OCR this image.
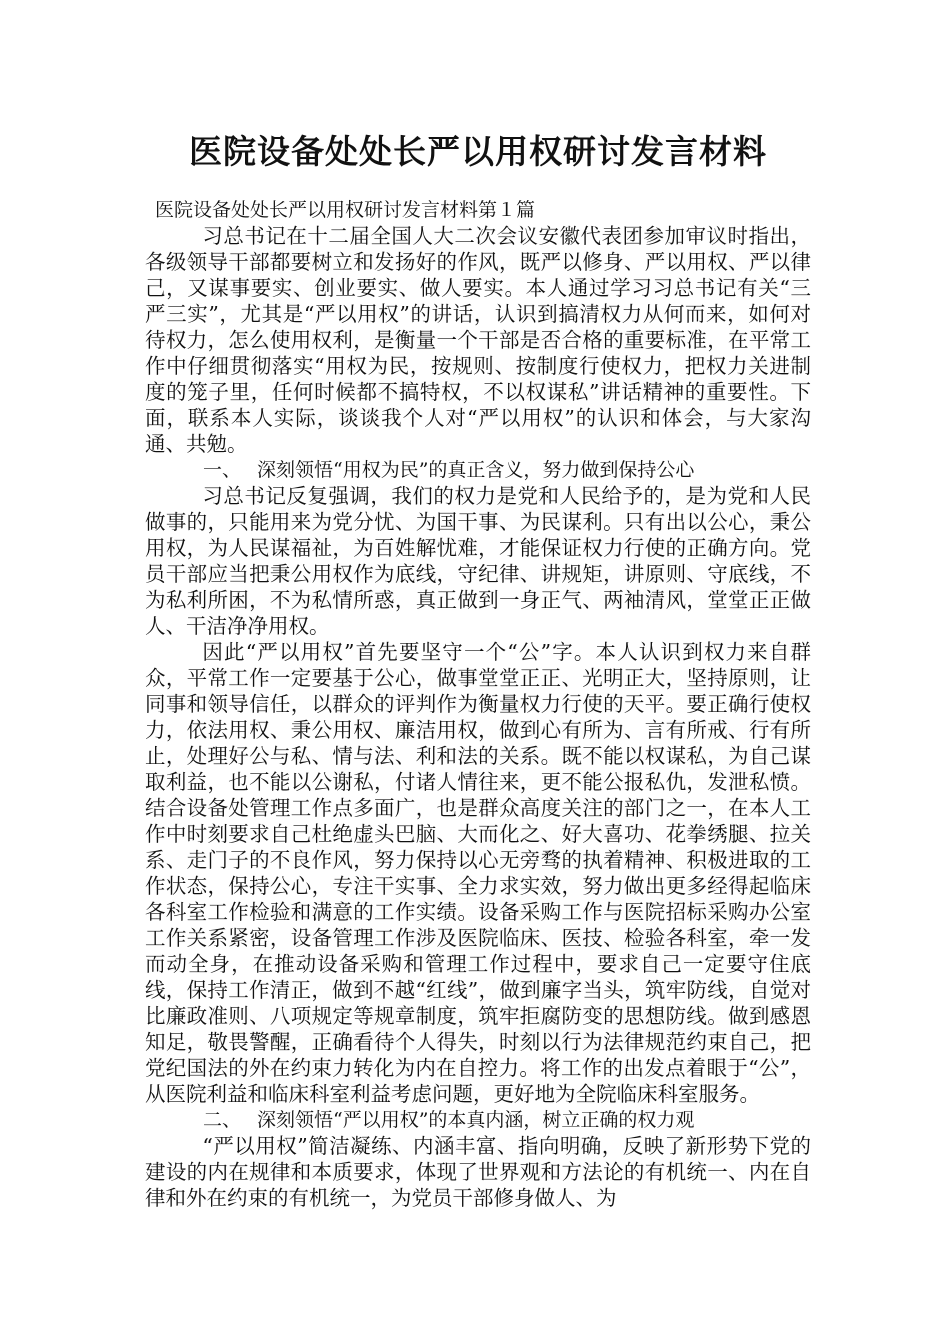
医院设备处处长严以用权研讨发言材料
医院设备处处长严以用权研讨发言材料第１篇

习总书记在十二届全国人大二次会议安徽代表团参加审议时指出，各级领导干部都要树立和发扬好的作风，既严以修身、严以用权、严以律己，又谋事要实、创业要实、做人要实。本人通过学习习总书记有关“三严三实”，尤其是“严以用权”的讲话，认识到搞清权力从何而来，如何对待权力，怎么使用权利，是衡量一个干部是否合格的重要标准，在平常工作中仔细贯彻落实“用权为民，按规则、按制度行使权力，把权力关进制度的笼子里，任何时候都不搞特权，不以权谋私”讲话精神的重要性。下面，联系本人实际，谈谈我个人对“严以用权”的认识和体会，与大家沟通、共勉。

一、 深刻领悟“用权为民”的真正含义，努力做到保持公心

习总书记反复强调，我们的权力是党和人民给予的，是为党和人民做事的，只能用来为党分忧、为国干事、为民谋利。只有出以公心，秉公用权，为人民谋福祉，为百姓解忧难，才能保证权力行使的正确方向。党员干部应当把秉公用权作为底线，守纪律、讲规矩，讲原则、守底线，不为私利所困，不为私情所惑，真正做到一身正气、两袖清风，堂堂正正做人、干洁净净用权。

因此“严以用权”首先要坚守一个“公”字。本人认识到权力来自群众，平常工作一定要基于公心，做事堂堂正正、光明正大，坚持原则，让同事和领导信任，以群众的评判作为衡量权力行使的天平。要正确行使权力，依法用权、秉公用权、廉洁用权，做到心有所为、言有所戒、行有所止，处理好公与私、情与法、利和法的关系。既不能以权谋私，为自己谋取利益，也不能以公谢私，付诸人情往来，更不能公报私仇，发泄私愤。结合设备处管理工作点多面广，也是群众高度关注的部门之一，在本人工作中时刻要求自己杜绝虚头巴脑、大而化之、好大喜功、花拳绣腿、拉关系、走门子的不良作风，努力保持以心无旁骛的执着精神、积极进取的工作状态，保持公心，专注干实事、全力求实效，努力做出更多经得起临床各科室工作检验和满意的工作实绩。设备采购工作与医院招标采购办公室工作关系紧密，设备管理工作涉及医院临床、医技、检验各科室，牵一发而动全身，在推动设备采购和管理工作过程中，要求自己一定要守住底线，保持工作清正，做到不越“红线”，做到廉字当头，筑牢防线，自觉对比廉政准则、八项规定等规章制度，筑牢拒腐防变的思想防线。做到感恩知足，敬畏警醒，正确看待个人得失，时刻以行为法律规范约束自己，把党纪国法的外在约束力转化为内在自控力。将工作的出发点着眼于“公”，从医院利益和临床科室利益考虑问题，更好地为全院临床科室服务。

二、 深刻领悟“严以用权”的本真内涵，树立正确的权力观

“严以用权”简洁凝练、内涵丰富、指向明确，反映了新形势下党的建设的内在规律和本质要求，体现了世界观和方法论的有机统一、内在自律和外在约束的有机统一，为党员干部修身做人、为
